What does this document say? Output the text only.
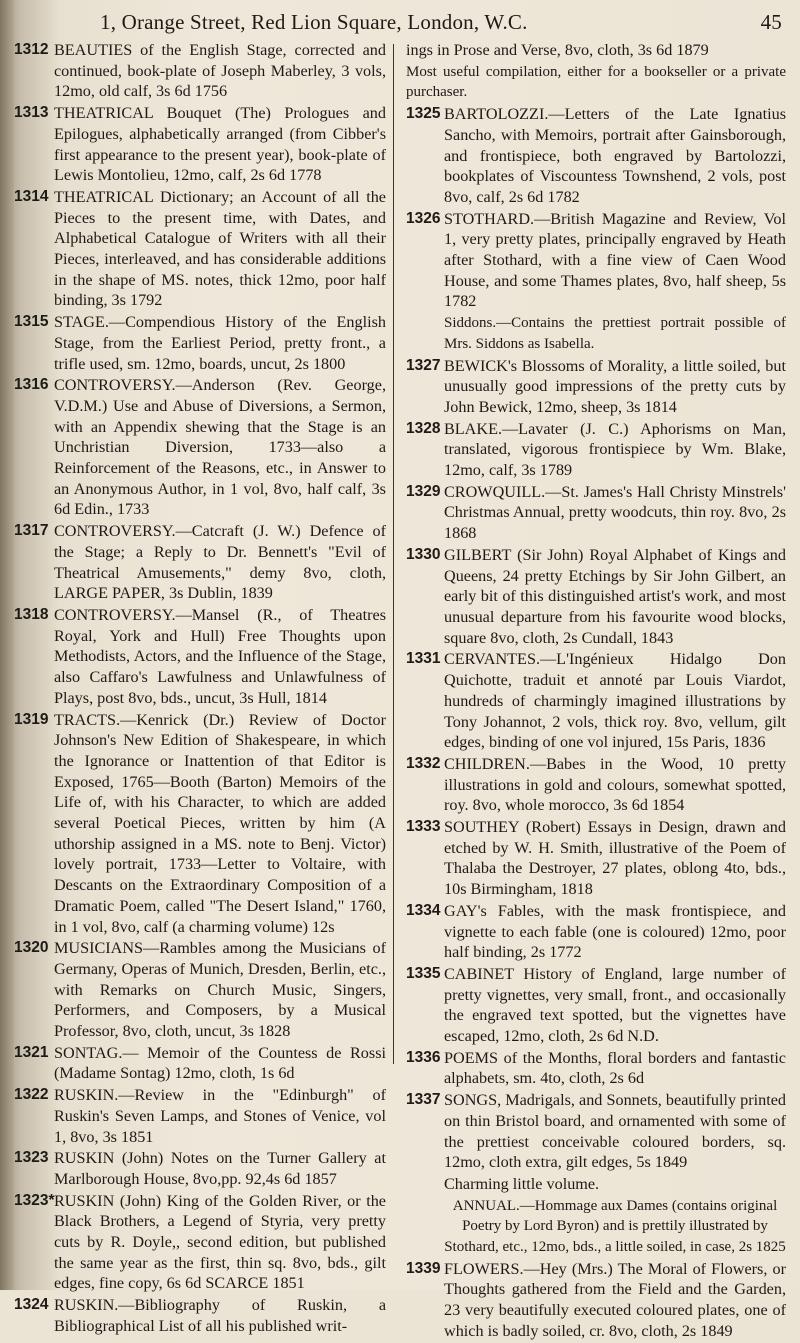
1, Orange Street, Red Lion Square, London, W.C.	45
1312 BEAUTIES of the English Stage, corrected and continued, book-plate of Joseph Maberley, 3 vols, 12mo, old calf, 3s 6d 1756
1313 THEATRICAL Bouquet (The) Prologues and Epilogues, alphabetically arranged (from Cibber's first appearance to the present year), book-plate of Lewis Montolieu, 12mo, calf, 2s 6d 1778
1314 THEATRICAL Dictionary; an Account of all the Pieces to the present time, with Dates, and Alphabetical Catalogue of Writers with all their Pieces, interleaved, and has considerable additions in the shape of MS. notes, thick 12mo, poor half binding, 3s 1792
1315 STAGE.—Compendious History of the English Stage, from the Earliest Period, pretty front., a trifle used, sm. 12mo, boards, uncut, 2s 1800
1316 CONTROVERSY.—Anderson (Rev. George, V.D.M.) Use and Abuse of Diversions, a Sermon, with an Appendix shewing that the Stage is an Unchristian Diversion, 1733—also a Reinforcement of the Reasons, etc., in Answer to an Anonymous Author, in 1 vol, 8vo, half calf, 3s 6d Edin., 1733
1317 CONTROVERSY.—Catcraft (J. W.) Defence of the Stage; a Reply to Dr. Bennett's "Evil of Theatrical Amusements," demy 8vo, cloth, LARGE PAPER, 3s Dublin, 1839
1318 CONTROVERSY.—Mansel (R., of Theatres Royal, York and Hull) Free Thoughts upon Methodists, Actors, and the Influence of the Stage, also Caffaro's Lawfulness and Unlawfulness of Plays, post 8vo, bds., uncut, 3s Hull, 1814
1319 TRACTS.—Kenrick (Dr.) Review of Doctor Johnson's New Edition of Shakespeare, in which the Ignorance or Inattention of that Editor is Exposed, 1765—Booth (Barton) Memoirs of the Life of, with his Character, to which are added several Poetical Pieces, written by him (A uthorship assigned in a MS. note to Benj. Victor) lovely portrait, 1733—Letter to Voltaire, with Descants on the Extraordinary Composition of a Dramatic Poem, called "The Desert Island," 1760, in 1 vol, 8vo, calf (a charming volume) 12s
1320 MUSICIANS—Rambles among the Musicians of Germany, Operas of Munich, Dresden, Berlin, etc., with Remarks on Church Music, Singers, Performers, and Composers, by a Musical Professor, 8vo, cloth, uncut, 3s 1828
1321 SONTAG.— Memoir of the Countess de Rossi (Madame Sontag) 12mo, cloth, 1s 6d
1322 RUSKIN.—Review in the "Edinburgh" of Ruskin's Seven Lamps, and Stones of Venice, vol 1, 8vo, 3s 1851
1323 RUSKIN (John) Notes on the Turner Gallery at Marlborough House, 8vo,pp. 92,4s 6d 1857
1323* RUSKIN (John) King of the Golden River, or the Black Brothers, a Legend of Styria, very pretty cuts by R. Doyle,, second edition, but published the same year as the first, thin sq. 8vo, bds., gilt edges, fine copy, 6s 6d SCARCE 1851
1324 RUSKIN.—Bibliography of Ruskin, a Bibliographical List of all his published writ-
ings in Prose and Verse, 8vo, cloth, 3s 6d 1879
Most useful compilation, either for a bookseller or a private purchaser.
1325 BARTOLOZZI.—Letters of the Late Ignatius Sancho, with Memoirs, portrait after Gainsborough, and frontispiece, both engraved by Bartolozzi, bookplates of Viscountess Townshend, 2 vols, post 8vo, calf, 2s 6d 1782
1326 STOTHARD.—British Magazine and Review, Vol 1, very pretty plates, principally engraved by Heath after Stothard, with a fine view of Caen Wood House, and some Thames plates, 8vo, half sheep, 5s 1782
Siddons.—Contains the prettiest portrait possible of Mrs. Siddons as Isabella.
1327 BEWICK's Blossoms of Morality, a little soiled, but unusually good impressions of the pretty cuts by John Bewick, 12mo, sheep, 3s 1814
1328 BLAKE.—Lavater (J. C.) Aphorisms on Man, translated, vigorous frontispiece by Wm. Blake, 12mo, calf, 3s 1789
1329 CROWQUILL.—St. James's Hall Christy Minstrels' Christmas Annual, pretty woodcuts, thin roy. 8vo, 2s 1868
1330 GILBERT (Sir John) Royal Alphabet of Kings and Queens, 24 pretty Etchings by Sir John Gilbert, an early bit of this distinguished artist's work, and most unusual departure from his favourite wood blocks, square 8vo, cloth, 2s Cundall, 1843
1331 CERVANTES.—L'Ingénieux Hidalgo Don Quichotte, traduit et annoté par Louis Viardot, hundreds of charmingly imagined illustrations by Tony Johannot, 2 vols, thick roy. 8vo, vellum, gilt edges, binding of one vol injured, 15s Paris, 1836
1332 CHILDREN.—Babes in the Wood, 10 pretty illustrations in gold and colours, somewhat spotted, roy. 8vo, whole morocco, 3s 6d 1854
1333 SOUTHEY (Robert) Essays in Design, drawn and etched by W. H. Smith, illustrative of the Poem of Thalaba the Destroyer, 27 plates, oblong 4to, bds., 10s Birmingham, 1818
1334 GAY's Fables, with the mask frontispiece, and vignette to each fable (one is coloured) 12mo, poor half binding, 2s 1772
1335 CABINET History of England, large number of pretty vignettes, very small, front., and occasionally the engraved text spotted, but the vignettes have escaped, 12mo, cloth, 2s 6d N.D.
1336 POEMS of the Months, floral borders and fantastic alphabets, sm. 4to, cloth, 2s 6d
1337 SONGS, Madrigals, and Sonnets, beautifully printed on thin Bristol board, and ornamented with some of the prettiest conceivable coloured borders, sq. 12mo, cloth extra, gilt edges, 5s 1849
Charming little volume.
ANNUAL.—Hommage aux Dames (contains original Poetry by Lord Byron) and is prettily illustrated by Stothard, etc., 12mo, bds., a little soiled, in case, 2s 1825
1339 FLOWERS.—Hey (Mrs.) The Moral of Flowers, or Thoughts gathered from the Field and the Garden, 23 very beautifully executed coloured plates, one of which is badly soiled, cr. 8vo, cloth, 2s 1849
